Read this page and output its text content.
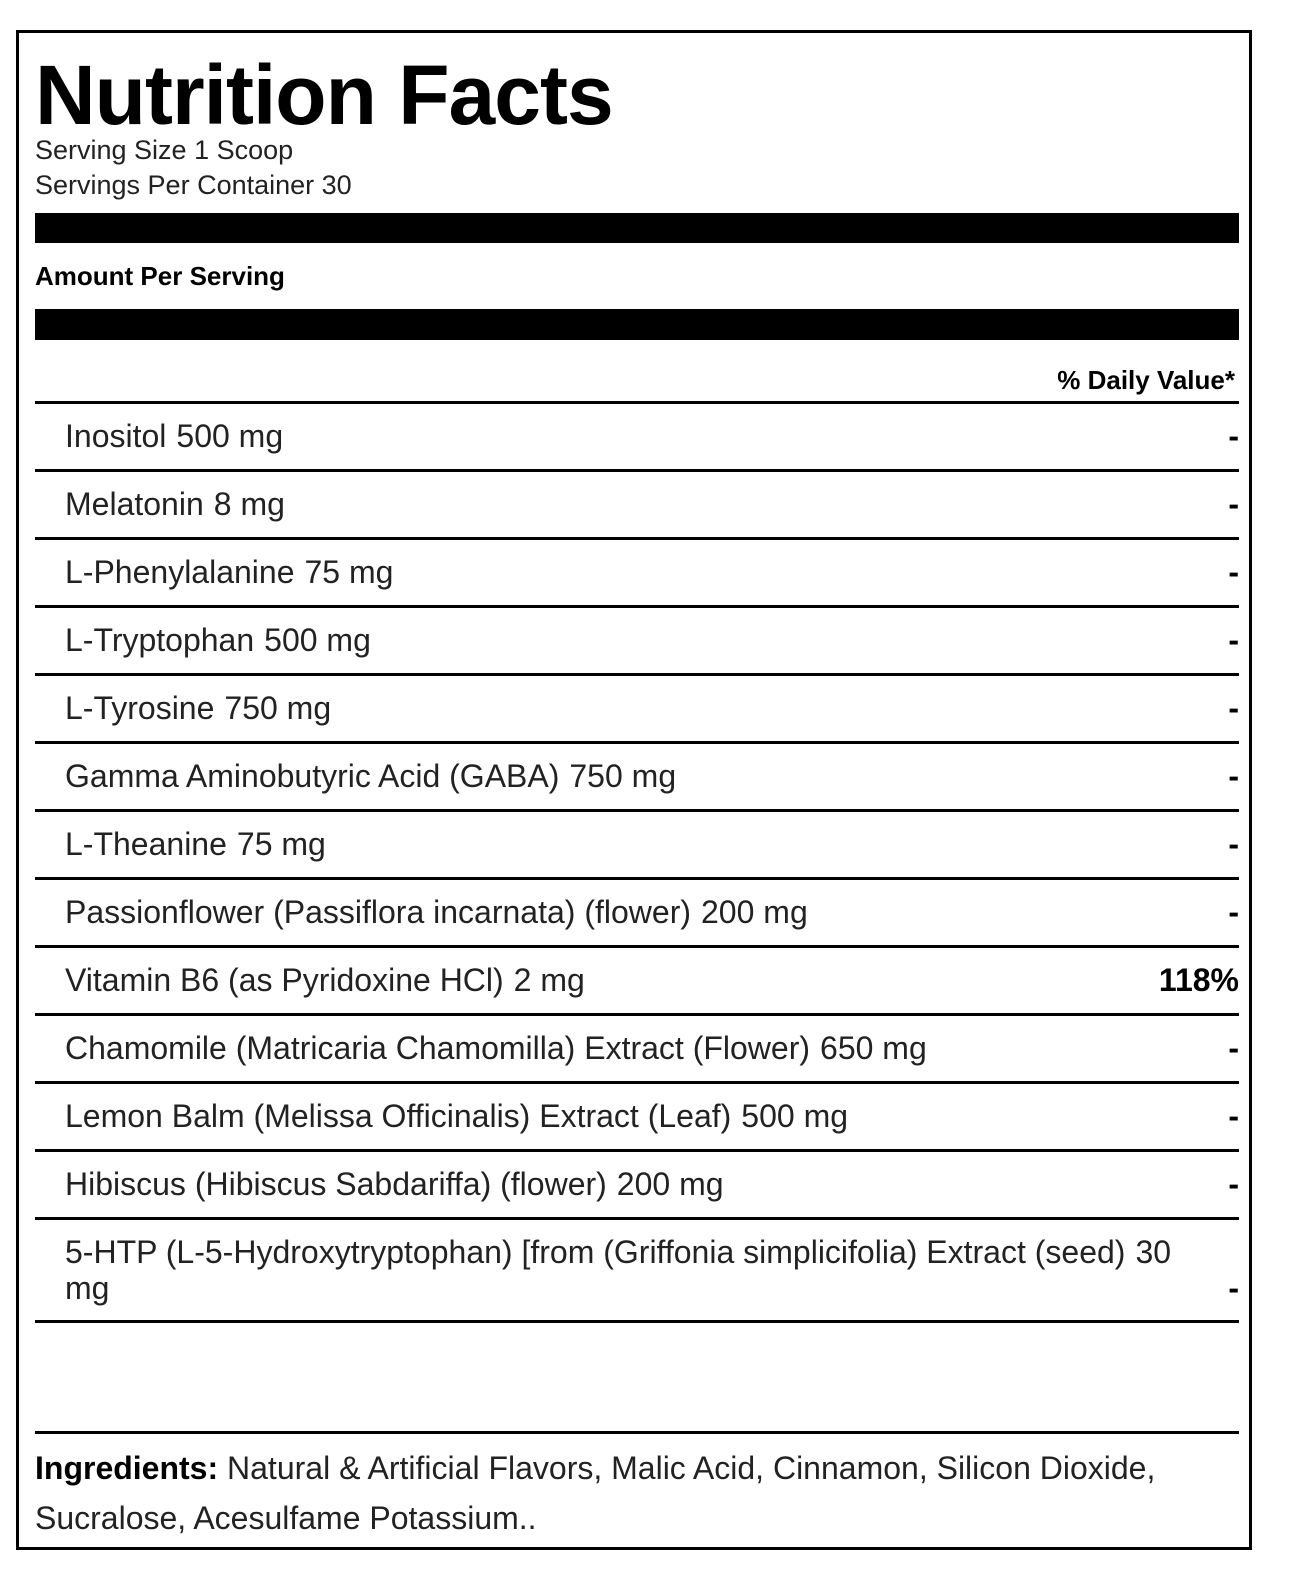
Nutrition Facts
Serving Size 1 Scoop
Servings Per Container 30
Amount Per Serving
% Daily Value*
Inositol 500 mg	-
Melatonin 8 mg	-
L-Phenylalanine 75 mg	-
L-Tryptophan 500 mg	-
L-Tyrosine 750 mg	-
Gamma Aminobutyric Acid (GABA) 750 mg	-
L-Theanine 75 mg	-
Passionflower (Passiflora incarnata) (flower) 200 mg	-
Vitamin B6 (as Pyridoxine HCl) 2 mg	118%
Chamomile (Matricaria Chamomilla) Extract (Flower) 650 mg	-
Lemon Balm (Melissa Officinalis) Extract (Leaf) 500 mg	-
Hibiscus (Hibiscus Sabdariffa) (flower) 200 mg	-
5-HTP (L-5-Hydroxytryptophan) [from (Griffonia simplicifolia) Extract (seed) 30 mg	-
Ingredients: Natural & Artificial Flavors, Malic Acid, Cinnamon, Silicon Dioxide, Sucralose, Acesulfame Potassium..
